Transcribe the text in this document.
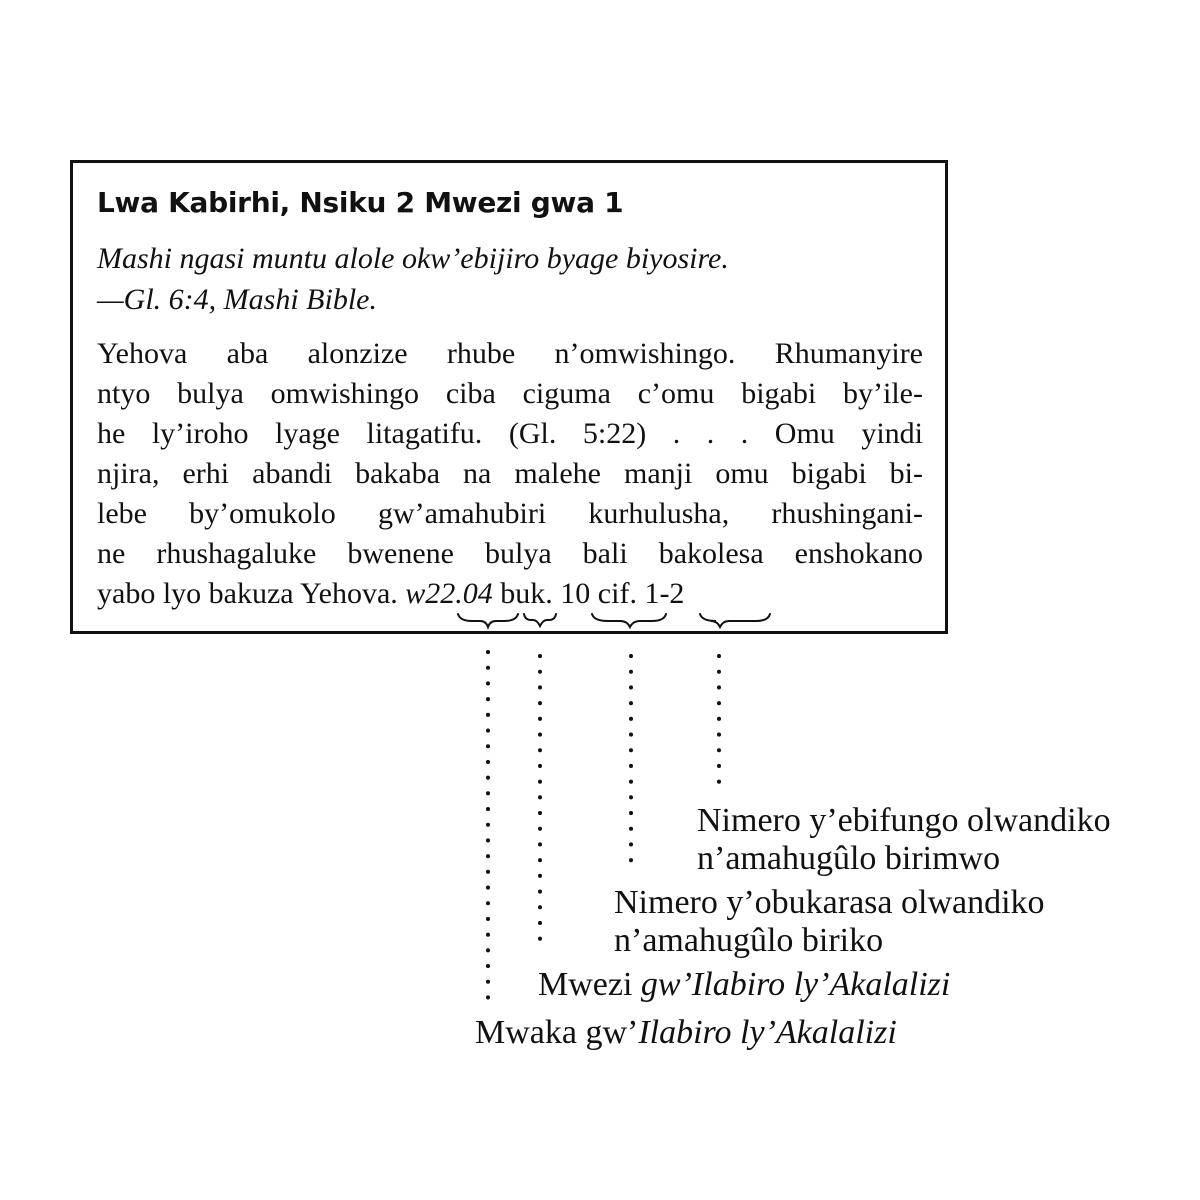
Lwa Kabirhi, Nsiku 2 Mwezi gwa 1

Mashi ngasi muntu alole okw’ebijiro byage biyosire.
—Gl. 6:4, Mashi Bible.

Yehova aba alonzize rhube n’omwishingo. Rhumanyire
ntyo bulya omwishingo ciba ciguma c’omu bigabi by’ile-
he ly’iroho lyage litagatifu. (Gl. 5:22) . . . Omu yindi
njira, erhi abandi bakaba na malehe manji omu bigabi bi-
lebe by’omukolo gw’amahubiri kurhulusha, rhushingani-
ne rhushagaluke bwenene bulya bali bakolesa enshokano
yabo lyo bakuza Yehova. w22.04 buk. 10 cif. 1-2

Nimero y’ebifungo olwandiko
n’amahugûlo birimwo

Nimero y’obukarasa olwandiko
n’amahugûlo biriko

Mwezi gw’Ilabiro ly’Akalalizi

Mwaka gw’Ilabiro ly’Akalalizi
